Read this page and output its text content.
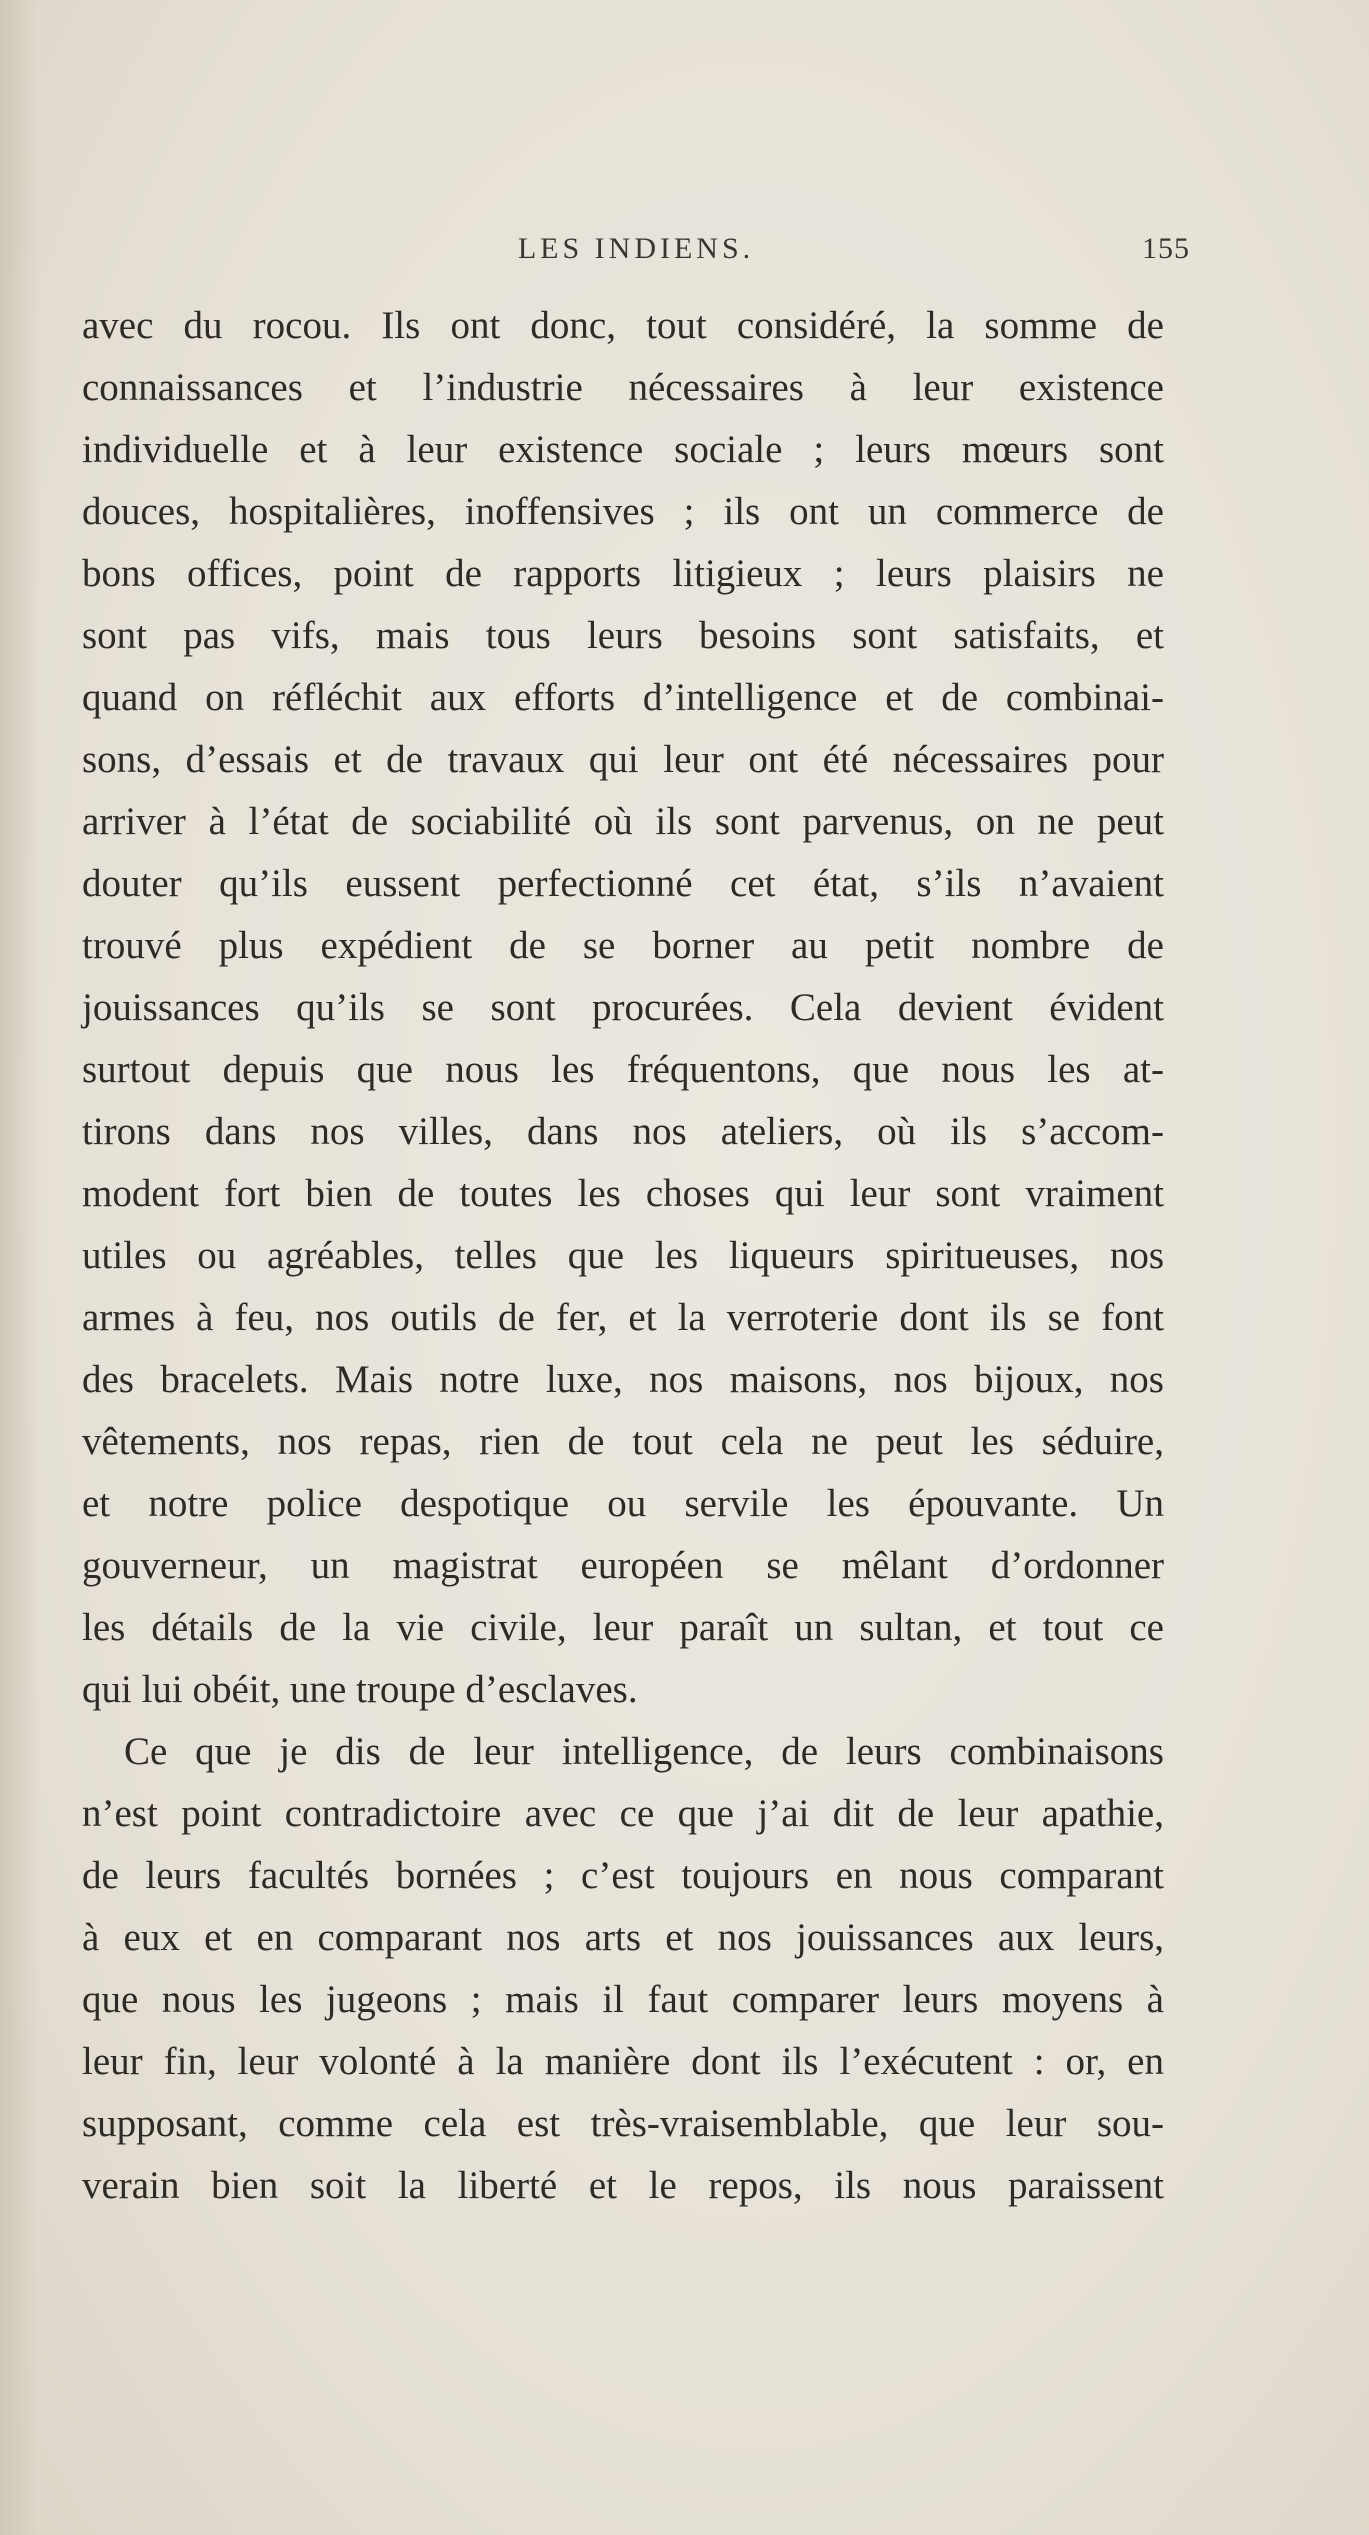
LES INDIENS.	155
avec du rocou. Ils ont donc, tout considéré, la somme de
connaissances et l’industrie nécessaires à leur existence
individuelle et à leur existence sociale ; leurs mœurs sont
douces, hospitalières, inoffensives ; ils ont un commerce de
bons offices, point de rapports litigieux ; leurs plaisirs ne
sont pas vifs, mais tous leurs besoins sont satisfaits, et
quand on réfléchit aux efforts d’intelligence et de combinai-
sons, d’essais et de travaux qui leur ont été nécessaires pour
arriver à l’état de sociabilité où ils sont parvenus, on ne peut
douter qu’ils eussent perfectionné cet état, s’ils n’avaient
trouvé plus expédient de se borner au petit nombre de
jouissances qu’ils se sont procurées. Cela devient évident
surtout depuis que nous les fréquentons, que nous les at-
tirons dans nos villes, dans nos ateliers, où ils s’accom-
modent fort bien de toutes les choses qui leur sont vraiment
utiles ou agréables, telles que les liqueurs spiritueuses, nos
armes à feu, nos outils de fer, et la verroterie dont ils se font
des bracelets. Mais notre luxe, nos maisons, nos bijoux, nos
vêtements, nos repas, rien de tout cela ne peut les séduire,
et notre police despotique ou servile les épouvante. Un
gouverneur, un magistrat européen se mêlant d’ordonner
les détails de la vie civile, leur paraît un sultan, et tout ce
qui lui obéit, une troupe d’esclaves.
Ce que je dis de leur intelligence, de leurs combinaisons
n’est point contradictoire avec ce que j’ai dit de leur apathie,
de leurs facultés bornées ; c’est toujours en nous comparant
à eux et en comparant nos arts et nos jouissances aux leurs,
que nous les jugeons ; mais il faut comparer leurs moyens à
leur fin, leur volonté à la manière dont ils l’exécutent : or, en
supposant, comme cela est très-vraisemblable, que leur sou-
verain bien soit la liberté et le repos, ils nous paraissent
